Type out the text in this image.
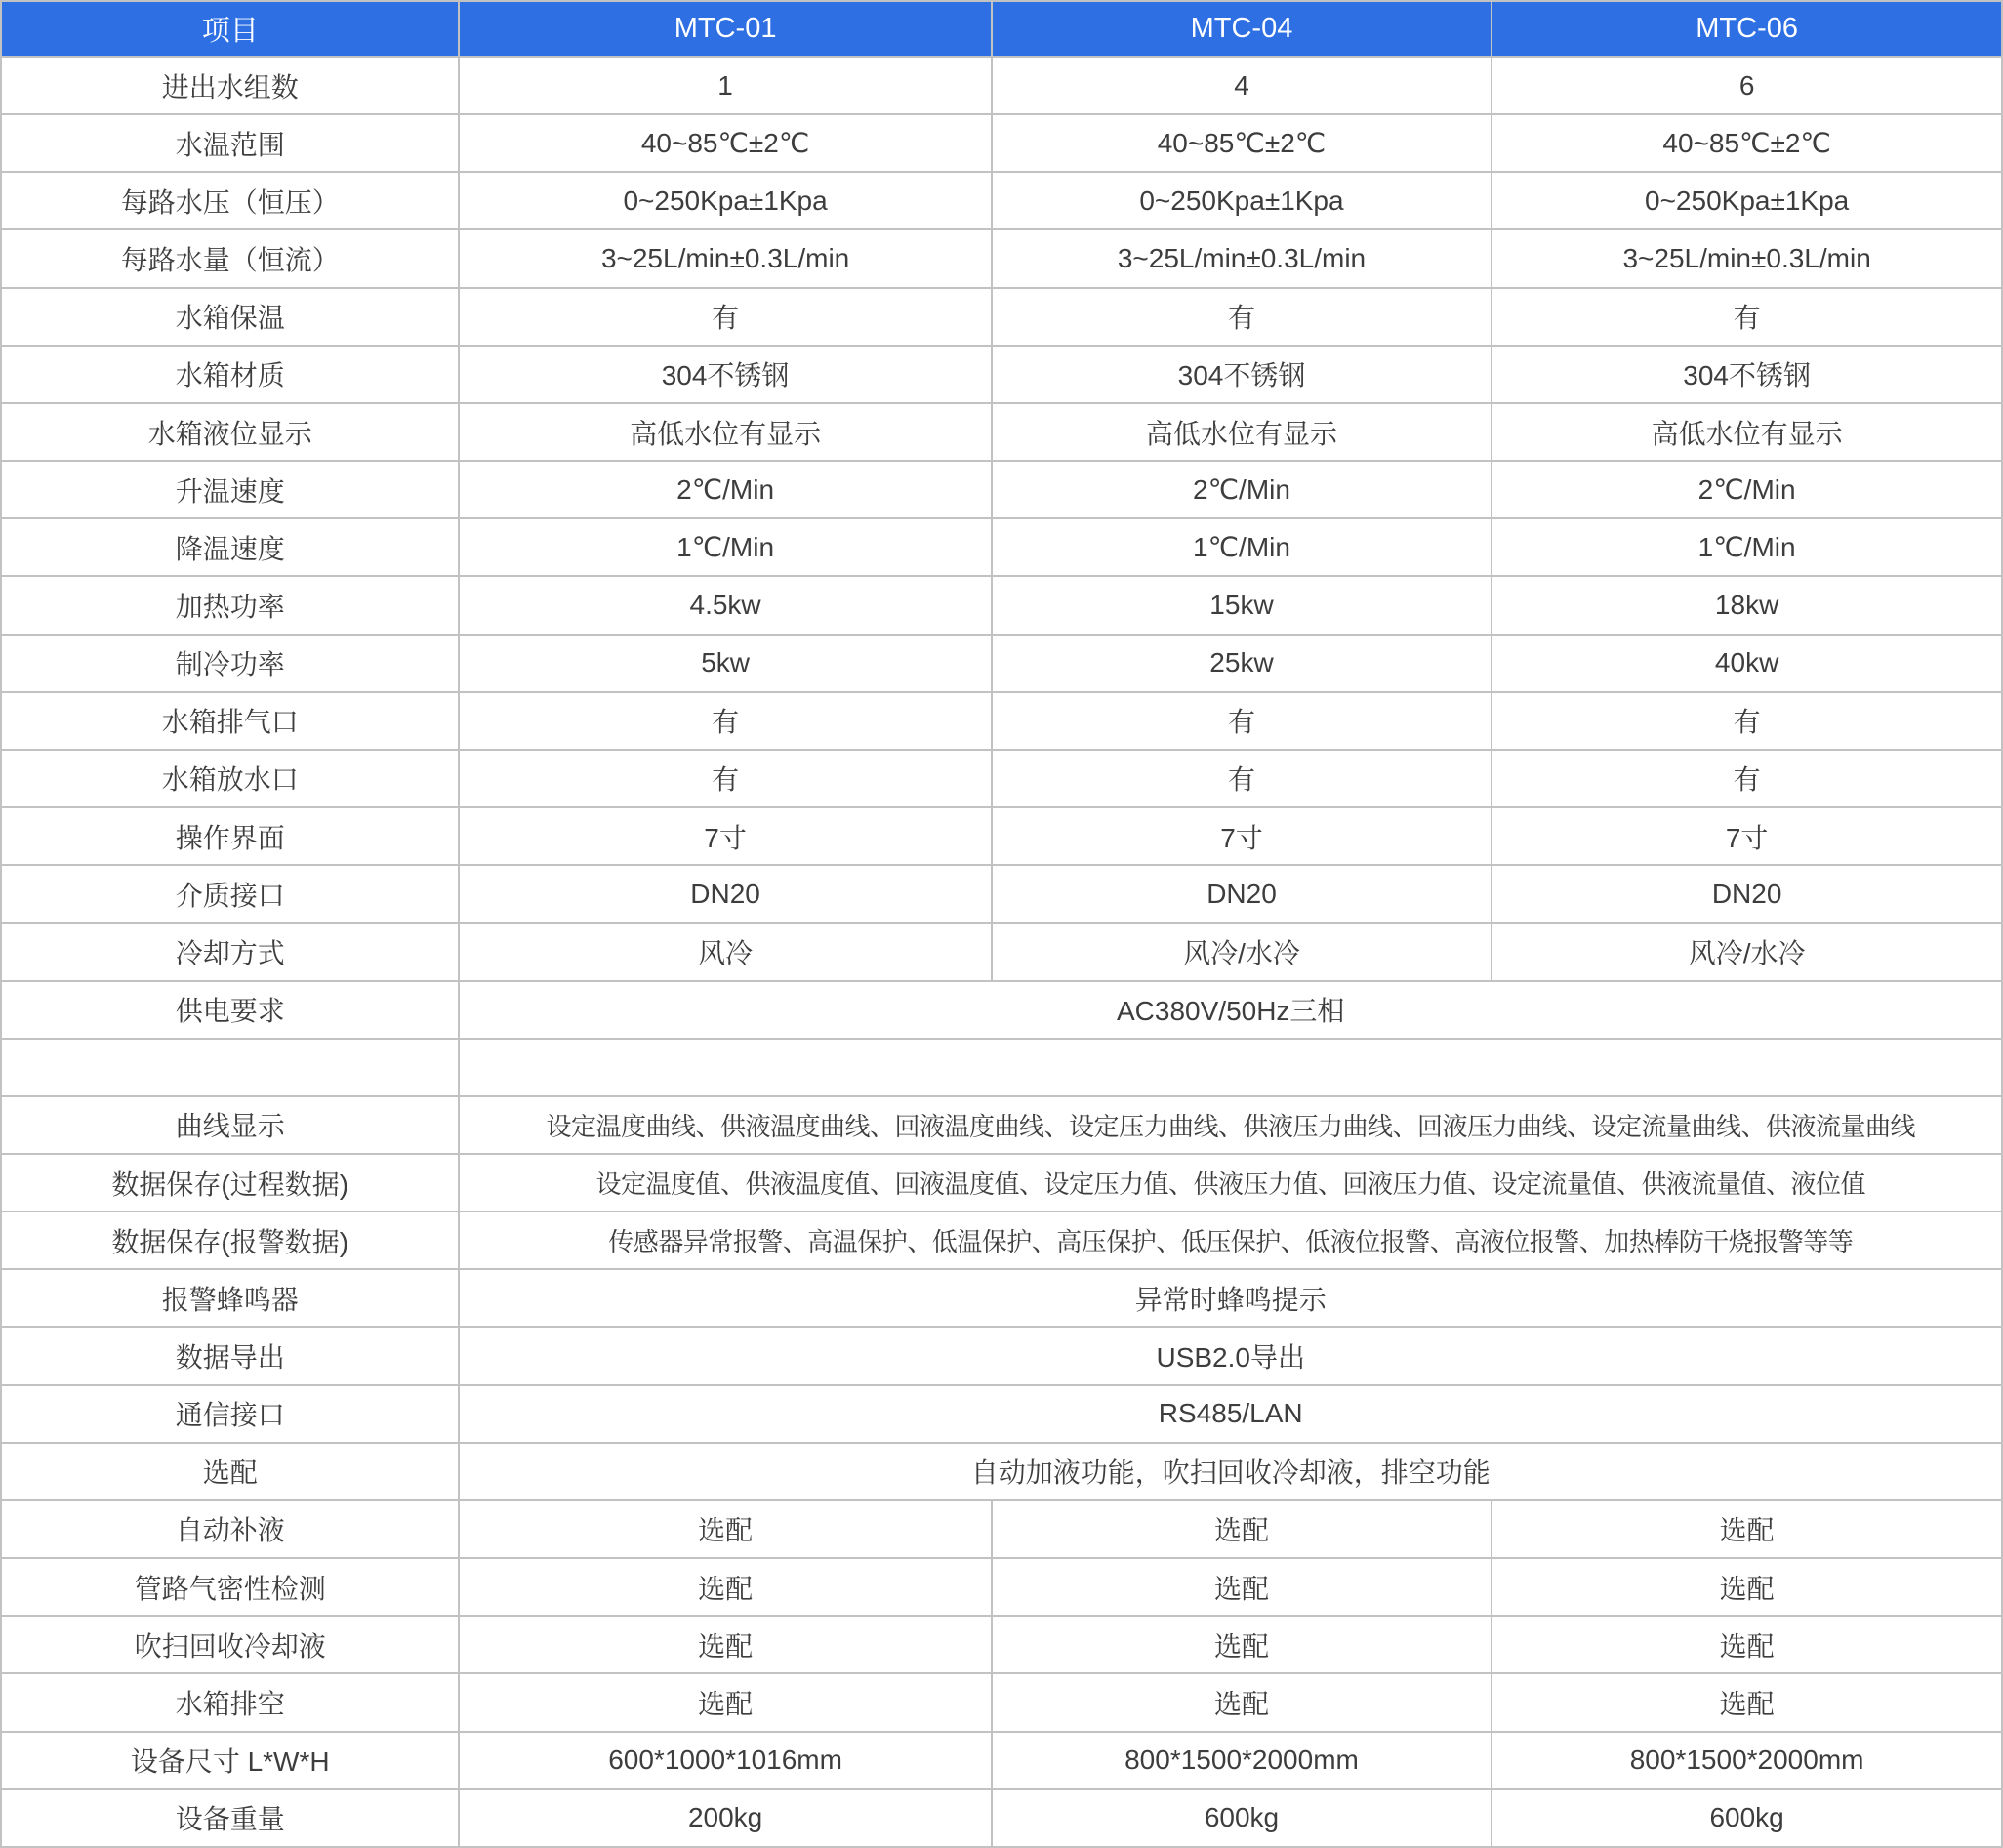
项目	MTC-01	MTC-04	MTC-06
进出水组数	1	4	6
水温范围	40~85℃±2℃	40~85℃±2℃	40~85℃±2℃
每路水压（恒压）	0~250Kpa±1Kpa	0~250Kpa±1Kpa	0~250Kpa±1Kpa
每路水量（恒流）	3~25L/min±0.3L/min	3~25L/min±0.3L/min	3~25L/min±0.3L/min
水箱保温	有	有	有
水箱材质	304不锈钢	304不锈钢	304不锈钢
水箱液位显示	高低水位有显示	高低水位有显示	高低水位有显示
升温速度	2℃/Min	2℃/Min	2℃/Min
降温速度	1℃/Min	1℃/Min	1℃/Min
加热功率	4.5kw	15kw	18kw
制冷功率	5kw	25kw	40kw
水箱排气口	有	有	有
水箱放水口	有	有	有
操作界面	7寸	7寸	7寸
介质接口	DN20	DN20	DN20
冷却方式	风冷	风冷/水冷	风冷/水冷
供电要求	AC380V/50Hz三相		

曲线显示	设定温度曲线、供液温度曲线、回液温度曲线、设定压力曲线、供液压力曲线、回液压力曲线、设定流量曲线、供液流量曲线		
数据保存(过程数据)	设定温度值、供液温度值、回液温度值、设定压力值、供液压力值、回液压力值、设定流量值、供液流量值、液位值		
数据保存(报警数据)	传感器异常报警、高温保护、低温保护、高压保护、低压保护、低液位报警、高液位报警、加热棒防干烧报警等等		
报警蜂鸣器	异常时蜂鸣提示		
数据导出	USB2.0导出		
通信接口	RS485/LAN		
选配	自动加液功能，吹扫回收冷却液，排空功能		
自动补液	选配	选配	选配
管路气密性检测	选配	选配	选配
吹扫回收冷却液	选配	选配	选配
水箱排空	选配	选配	选配
设备尺寸 L*W*H	600*1000*1016mm	800*1500*2000mm	800*1500*2000mm
设备重量	200kg	600kg	600kg
